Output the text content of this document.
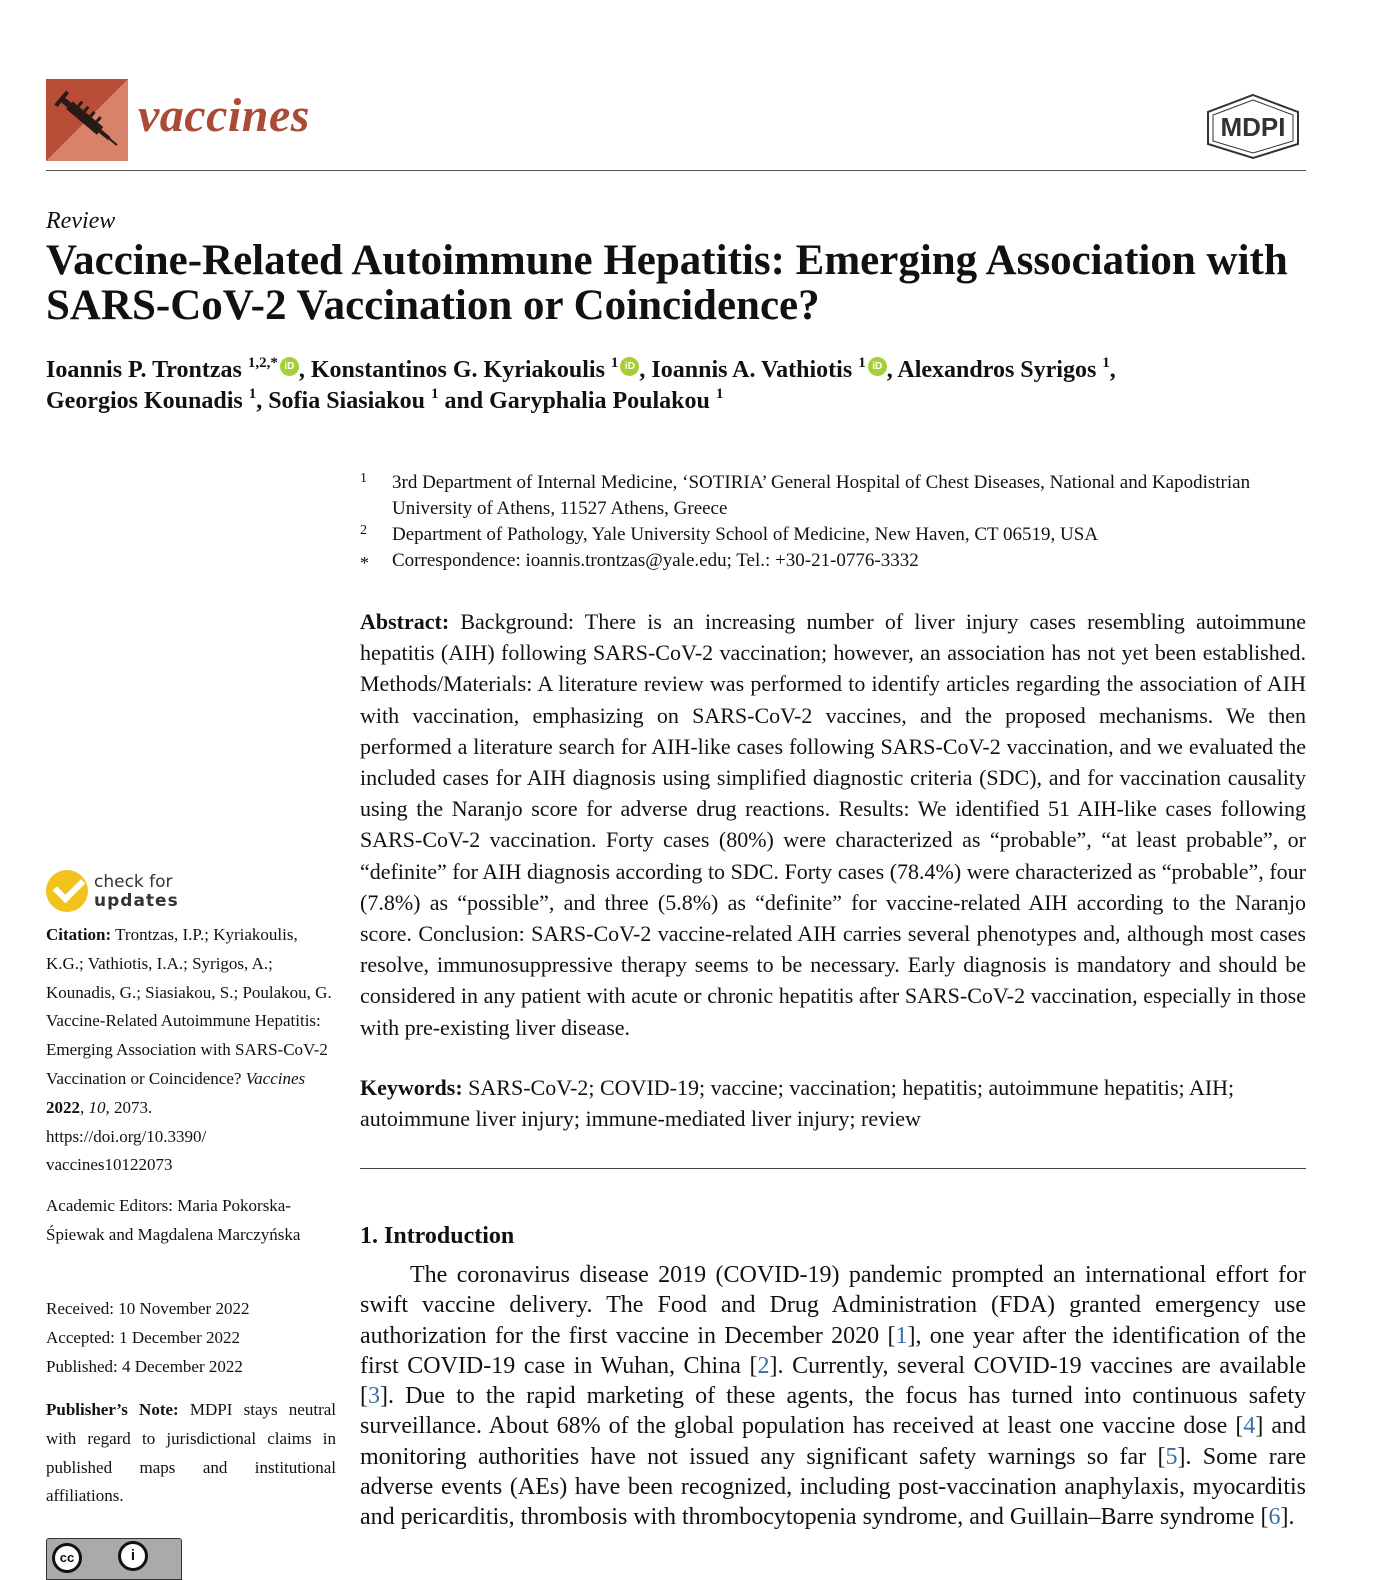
vaccines	MDPI
Review
Vaccine-Related Autoimmune Hepatitis: Emerging Association with SARS-CoV-2 Vaccination or Coincidence?
Ioannis P. Trontzas $^{1,2,*}$ iD , Konstantinos G. Kyriakoulis $^1$ iD , Ioannis A. Vathiotis $^1$ iD , Alexandros Syrigos $^1$,
Georgios Kounadis $^1$, Sofia Siasiakou $^1$ and Garyphalia Poulakou $^1$
1 3rd Department of Internal Medicine, ‘SOTIRIA’ General Hospital of Chest Diseases, National and Kapodistrian University of Athens, 11527 Athens, Greece
2 Department of Pathology, Yale University School of Medicine, New Haven, CT 06519, USA
* Correspondence: ioannis.trontzas@yale.edu; Tel.: +30-21-0776-3332
Abstract: Background: There is an increasing number of liver injury cases resembling autoimmune hepatitis (AIH) following SARS-CoV-2 vaccination; however, an association has not yet been established. Methods/Materials: A literature review was performed to identify articles regarding the association of AIH with vaccination, emphasizing on SARS-CoV-2 vaccines, and the proposed mechanisms. We then performed a literature search for AIH-like cases following SARS-CoV-2 vaccination, and we evaluated the included cases for AIH diagnosis using simplified diagnostic criteria (SDC), and for vaccination causality using the Naranjo score for adverse drug reactions. Results: We identified 51 AIH-like cases following SARS-CoV-2 vaccination. Forty cases (80%) were characterized as “probable”, “at least probable”, or “definite” for AIH diagnosis according to SDC. Forty cases (78.4%) were characterized as “probable”, four (7.8%) as “possible”, and three (5.8%) as “definite” for vaccine-related AIH according to the Naranjo score. Conclusion: SARS-CoV-2 vaccine-related AIH carries several phenotypes and, although most cases resolve, immunosuppressive therapy seems to be necessary. Early diagnosis is mandatory and should be considered in any patient with acute or chronic hepatitis after SARS-CoV-2 vaccination, especially in those with pre-existing liver disease.
Keywords: SARS-CoV-2; COVID-19; vaccine; vaccination; hepatitis; autoimmune hepatitis; AIH; autoimmune liver injury; immune-mediated liver injury; review
1. Introduction
The coronavirus disease 2019 (COVID-19) pandemic prompted an international effort for swift vaccine delivery. The Food and Drug Administration (FDA) granted emergency use authorization for the first vaccine in December 2020 [1], one year after the identification of the first COVID-19 case in Wuhan, China [2]. Currently, several COVID-19 vaccines are available [3]. Due to the rapid marketing of these agents, the focus has turned into continuous safety surveillance. About 68% of the global population has received at least one vaccine dose [4] and monitoring authorities have not issued any significant safety warnings so far [5]. Some rare adverse events (AEs) have been recognized, including post-vaccination anaphylaxis, myocarditis and pericarditis, thrombosis with thrombocytopenia syndrome, and Guillain–Barre syndrome [6].
check for
updates
Citation: Trontzas, I.P.; Kyriakoulis, K.G.; Vathiotis, I.A.; Syrigos, A.; Kounadis, G.; Siasiakou, S.; Poulakou, G. Vaccine-Related Autoimmune Hepatitis: Emerging Association with SARS-CoV-2 Vaccination or Coincidence? Vaccines 2022, 10, 2073.
https://doi.org/10.3390/
vaccines10122073
Academic Editors: Maria Pokorska-Śpiewak and Magdalena Marczyńska
Received: 10 November 2022
Accepted: 1 December 2022
Published: 4 December 2022
Publisher’s Note: MDPI stays neutral with regard to jurisdictional claims in published maps and institutional affiliations.
cc	i
